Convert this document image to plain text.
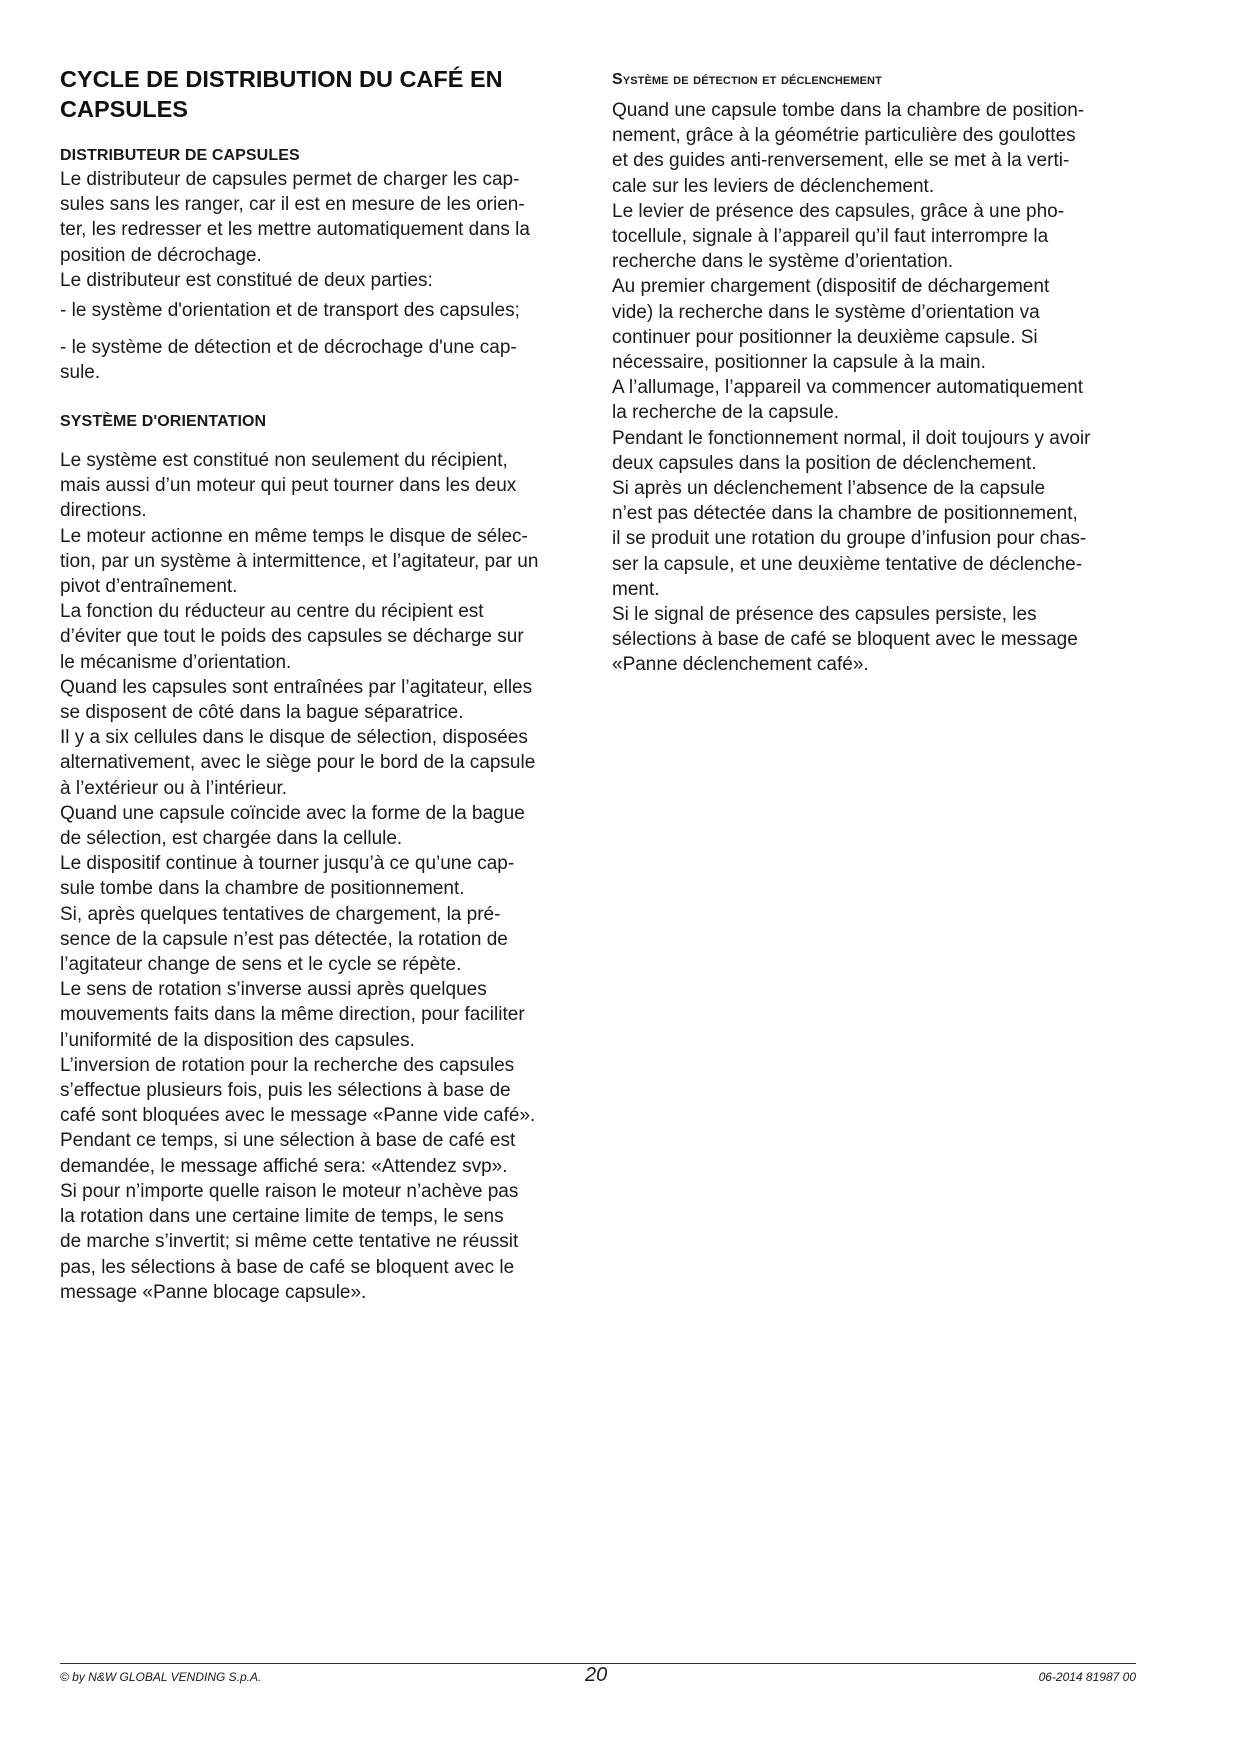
CYCLE DE DISTRIBUTION DU CAFÉ EN
CAPSULES
DISTRIBUTEUR DE CAPSULES

Le distributeur de capsules permet de charger les cap-
sules sans les ranger, car il est en mesure de les orien-
ter, les redresser et les mettre automatiquement dans la
position de décrochage.
Le distributeur est constitué de deux parties:

- le système d'orientation et de transport des capsules;
- le système de détection et de décrochage d'une cap-
sule.
SYSTÈME D'ORIENTATION

Le système est constitué non seulement du récipient,
mais aussi d’un moteur qui peut tourner dans les deux
directions.
Le moteur actionne en même temps le disque de sélec-
tion, par un système à intermittence, et l’agitateur, par un
pivot d’entraînement.
La fonction du réducteur au centre du récipient est
d’éviter que tout le poids des capsules se décharge sur
le mécanisme d’orientation.
Quand les capsules sont entraînées par l’agitateur, elles
se disposent de côté dans la bague séparatrice.
Il y a six cellules dans le disque de sélection, disposées
alternativement, avec le siège pour le bord de la capsule
à l’extérieur ou à l’intérieur.
Quand une capsule coïncide avec la forme de la bague
de sélection, est chargée dans la cellule.
Le dispositif continue à tourner jusqu’à ce qu’une cap-
sule tombe dans la chambre de positionnement.
Si, après quelques tentatives de chargement, la pré-
sence de la capsule n’est pas détectée, la rotation de
l’agitateur change de sens et le cycle se répète.
Le sens de rotation s’inverse aussi après quelques
mouvements faits dans la même direction, pour faciliter
l’uniformité de la disposition des capsules.
L’inversion de rotation pour la recherche des capsules
s’effectue plusieurs fois, puis les sélections à base de
café sont bloquées avec le message «Panne vide café».
Pendant ce temps, si une sélection à base de café est
demandée, le message affiché sera: «Attendez svp».
Si pour n’importe quelle raison le moteur n’achève pas
la rotation dans une certaine limite de temps, le sens
de marche s’invertit; si même cette tentative ne réussit
pas, les sélections à base de café se bloquent avec le
message «Panne blocage capsule».

Système de détection et déclenchement

Quand une capsule tombe dans la chambre de position-
nement, grâce à la géométrie particulière des goulottes
et des guides anti-renversement, elle se met à la verti-
cale sur les leviers de déclenchement.
Le levier de présence des capsules, grâce à une pho-
tocellule, signale à l’appareil qu’il faut interrompre la
recherche dans le système d’orientation.
Au premier chargement (dispositif de déchargement
vide) la recherche dans le système d’orientation va
continuer pour positionner la deuxième capsule. Si
nécessaire, positionner la capsule à la main.
A l’allumage, l’appareil va commencer automatiquement
la recherche de la capsule.
Pendant le fonctionnement normal, il doit toujours y avoir
deux capsules dans la position de déclenchement.
Si après un déclenchement l’absence de la capsule
n’est pas détectée dans la chambre de positionnement,
il se produit une rotation du groupe d’infusion pour chas-
ser la capsule, et une deuxième tentative de déclenche-
ment.
Si le signal de présence des capsules persiste, les
sélections à base de café se bloquent avec le message
«Panne déclenchement café».

© by N&W GLOBAL VENDING S.p.A.	20	06-2014 81987 00
